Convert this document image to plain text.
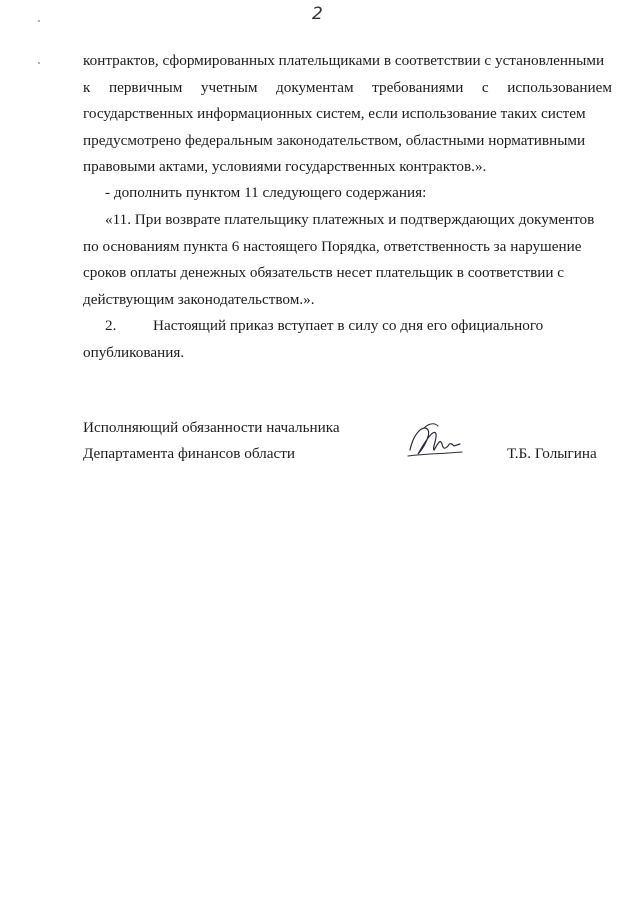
2
контрактов, сформированных плательщиками в соответствии с установленными
к первичным учетным документам требованиями с использованием
государственных информационных систем, если использование таких систем
предусмотрено федеральным законодательством, областными нормативными
правовыми актами, условиями государственных контрактов.».
- дополнить пунктом 11 следующего содержания:
«11. При возврате плательщику платежных и подтверждающих документов
по основаниям пункта 6 настоящего Порядка, ответственность за нарушение
сроков оплаты денежных обязательств несет плательщик в соответствии с
действующим законодательством.».
2. Настоящий приказ вступает в силу со дня его официального
опубликования.
Исполняющий обязанности начальника
Департамента финансов области	Т.Б. Голыгина
